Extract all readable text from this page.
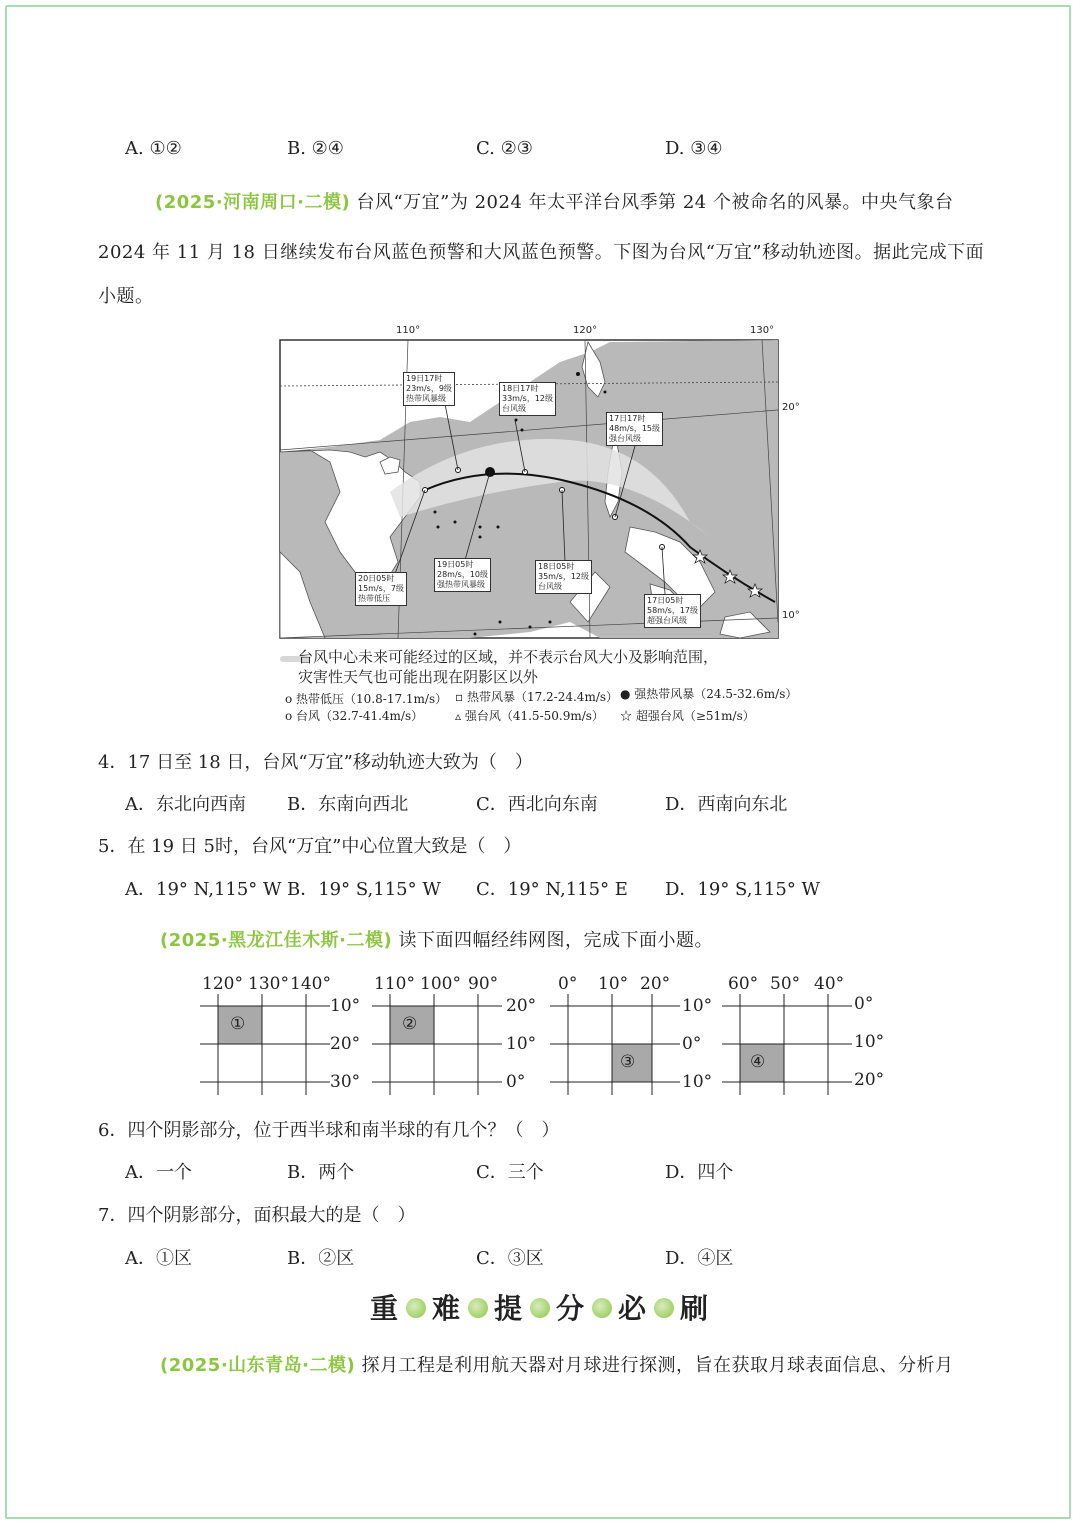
A. ①②	B. ②④	C. ②③	D. ③④
(2025·河南周口·二模) 台风“万宜”为 2024 年太平洋台风季第 24 个被命名的风暴。中央气象台
2024 年 11 月 18 日继续发布台风蓝色预警和大风蓝色预警。下图为台风“万宜”移动轨迹图。据此完成下面
小题。
110°	120°	130°
20°
10°
19日17时
23m/s，9级
热带风暴级
18日17时
33m/s，12级
台风级
17日17时
48m/s，15级
强台风级
20日05时
15m/s，7级
热带低压
19日05时
28m/s，10级
强热带风暴级
18日05时
35m/s，12级
台风级
17日05时
58m/s，17级
超强台风级
台风中心未来可能经过的区域，并不表示台风大小及影响范围，
灾害性天气也可能出现在阴影区以外
ο 热带低压（10.8-17.1m/s） ▫ 热带风暴（17.2-24.4m/s） ● 强热带风暴（24.5-32.6m/s）
ο 台风（32.7-41.4m/s）	▵ 强台风（41.5-50.9m/s） ☆ 超强台风（≥51m/s）
4．17 日至 18 日，台风“万宜”移动轨迹大致为（　）
A．东北向西南 B．东南向西北	C．西北向东南	D．西南向东北
5．在 19 日 5时，台风“万宜”中心位置大致是（　）
A．19° N,115° W B．19° S,115° W C．19° N,115° E D．19° S,115° W
(2025·黑龙江佳木斯·二模) 读下面四幅经纬网图，完成下面小题。
120° 130° 140°
①
10°
20°
30°
110° 100° 90°
②
20°
10°
0°
0° 10° 20°
③
10°
0°
10°
60° 50° 40°
④
0°
10°
20°
6．四个阴影部分，位于西半球和南半球的有几个？（　）
A．一个	B．两个	C．三个	D．四个
7．四个阴影部分，面积最大的是（　）
A．①区	B．②区	C．③区	D．④区
重 难 提 分 必 刷
(2025·山东青岛·二模) 探月工程是利用航天器对月球进行探测，旨在获取月球表面信息、分析月
